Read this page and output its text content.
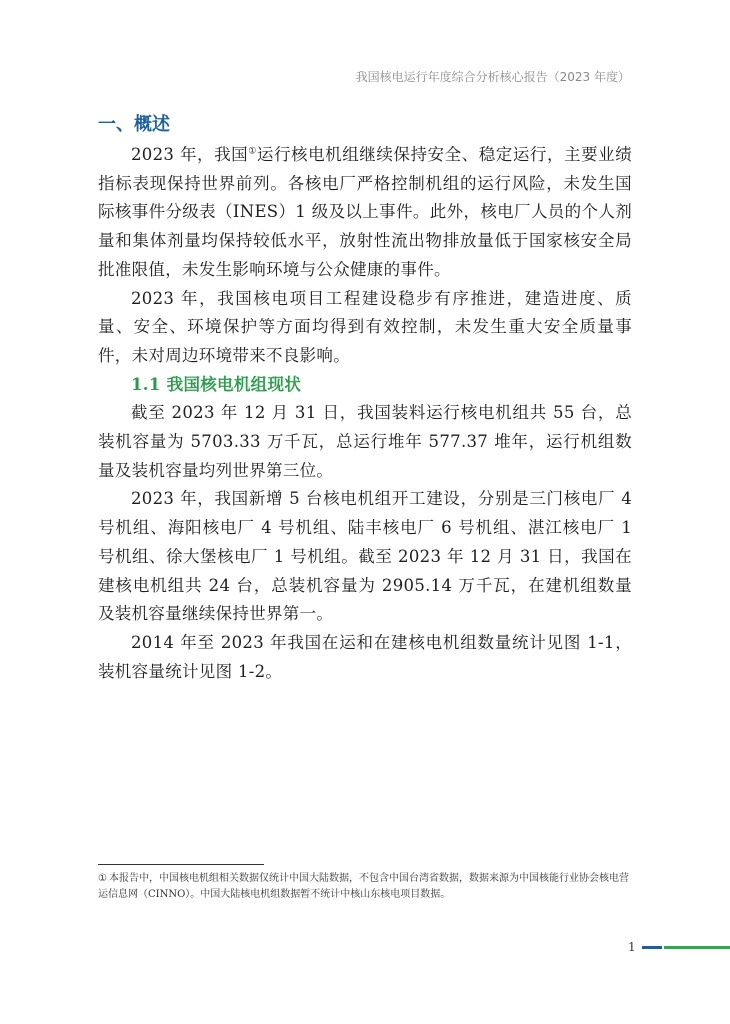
我国核电运行年度综合分析核心报告（2023 年度）
一、概述

2023 年，我国①运行核电机组继续保持安全、稳定运行，主要业绩指标表现保持世界前列。各核电厂严格控制机组的运行风险，未发生国际核事件分级表（INES）1 级及以上事件。此外，核电厂人员的个人剂量和集体剂量均保持较低水平，放射性流出物排放量低于国家核安全局批准限值，未发生影响环境与公众健康的事件。

2023 年，我国核电项目工程建设稳步有序推进，建造进度、质量、安全、环境保护等方面均得到有效控制，未发生重大安全质量事件，未对周边环境带来不良影响。

1.1 我国核电机组现状

截至 2023 年 12 月 31 日，我国装料运行核电机组共 55 台，总装机容量为 5703.33 万千瓦，总运行堆年 577.37 堆年，运行机组数量及装机容量均列世界第三位。

2023 年，我国新增 5 台核电机组开工建设，分别是三门核电厂 4 号机组、海阳核电厂 4 号机组、陆丰核电厂 6 号机组、湛江核电厂 1 号机组、徐大堡核电厂 1 号机组。截至 2023 年 12 月 31 日，我国在建核电机组共 24 台，总装机容量为 2905.14 万千瓦，在建机组数量及装机容量继续保持世界第一。

2014 年至 2023 年我国在运和在建核电机组数量统计见图 1-1，装机容量统计见图 1-2。

① 本报告中，中国核电机组相关数据仅统计中国大陆数据，不包含中国台湾省数据，数据来源为中国核能行业协会核电营运信息网（CINNO）。中国大陆核电机组数据暂不统计中核山东核电项目数据。

1
